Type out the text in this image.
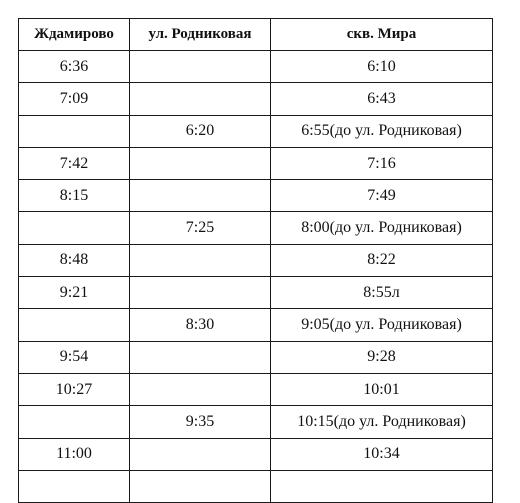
Ждамирово	ул. Родниковая	скв. Мира
6:36		6:10
7:09		6:43
	6:20	6:55(до ул. Родниковая)
7:42		7:16
8:15		7:49
	7:25	8:00(до ул. Родниковая)
8:48		8:22
9:21		8:55л
	8:30	9:05(до ул. Родниковая)
9:54		9:28
10:27		10:01
	9:35	10:15(до ул. Родниковая)
11:00		10:34
